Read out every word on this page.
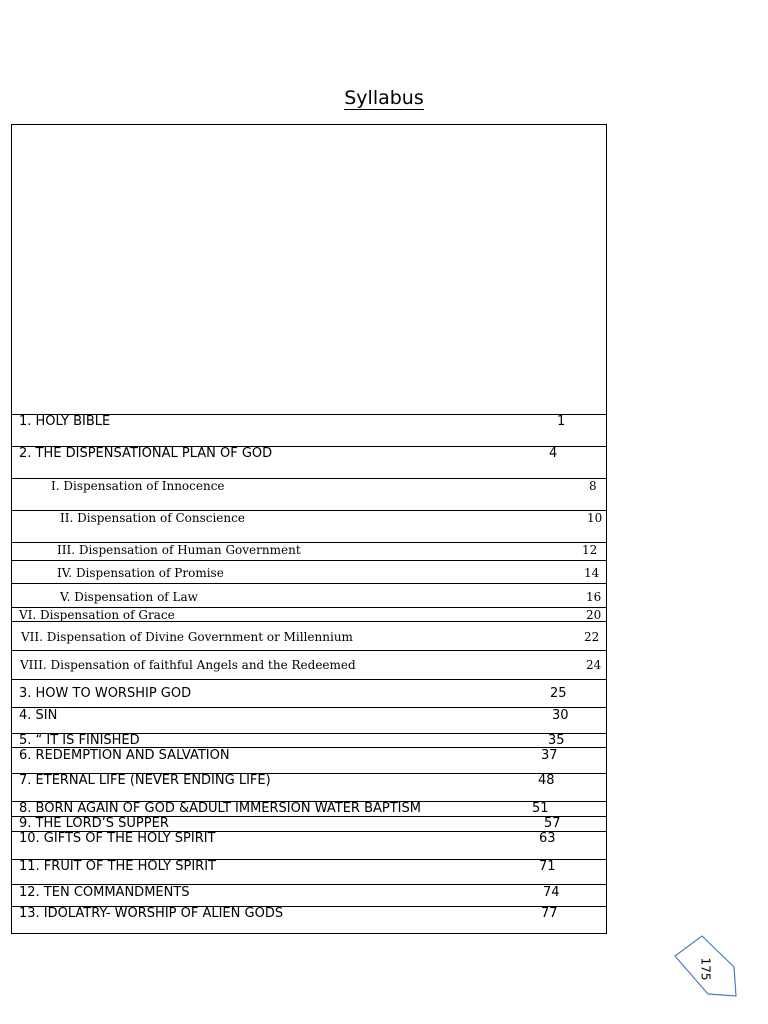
Syllabus
1. HOLY BIBLE	1
2. THE DISPENSATIONAL PLAN OF GOD	4
I. Dispensation of Innocence	8
II. Dispensation of Conscience	10
III. Dispensation of Human Government	12
IV. Dispensation of Promise	14
V. Dispensation of Law	16
VI. Dispensation of Grace	20
VII. Dispensation of Divine Government or Millennium	22
VIII. Dispensation of faithful Angels and the Redeemed	24
3. HOW TO WORSHIP GOD	25
4. SIN	30
5. “ IT IS FINISHED	35
6. REDEMPTION AND SALVATION	37
7. ETERNAL LIFE (NEVER ENDING LIFE)	48
8. BORN AGAIN OF GOD &ADULT IMMERSION WATER BAPTISM	51
9. THE LORD’S SUPPER	57
10. GIFTS OF THE HOLY SPIRIT	63
11. FRUIT OF THE HOLY SPIRIT	71
12. TEN COMMANDMENTS	74
13. IDOLATRY- WORSHIP OF ALIEN GODS	77
175
